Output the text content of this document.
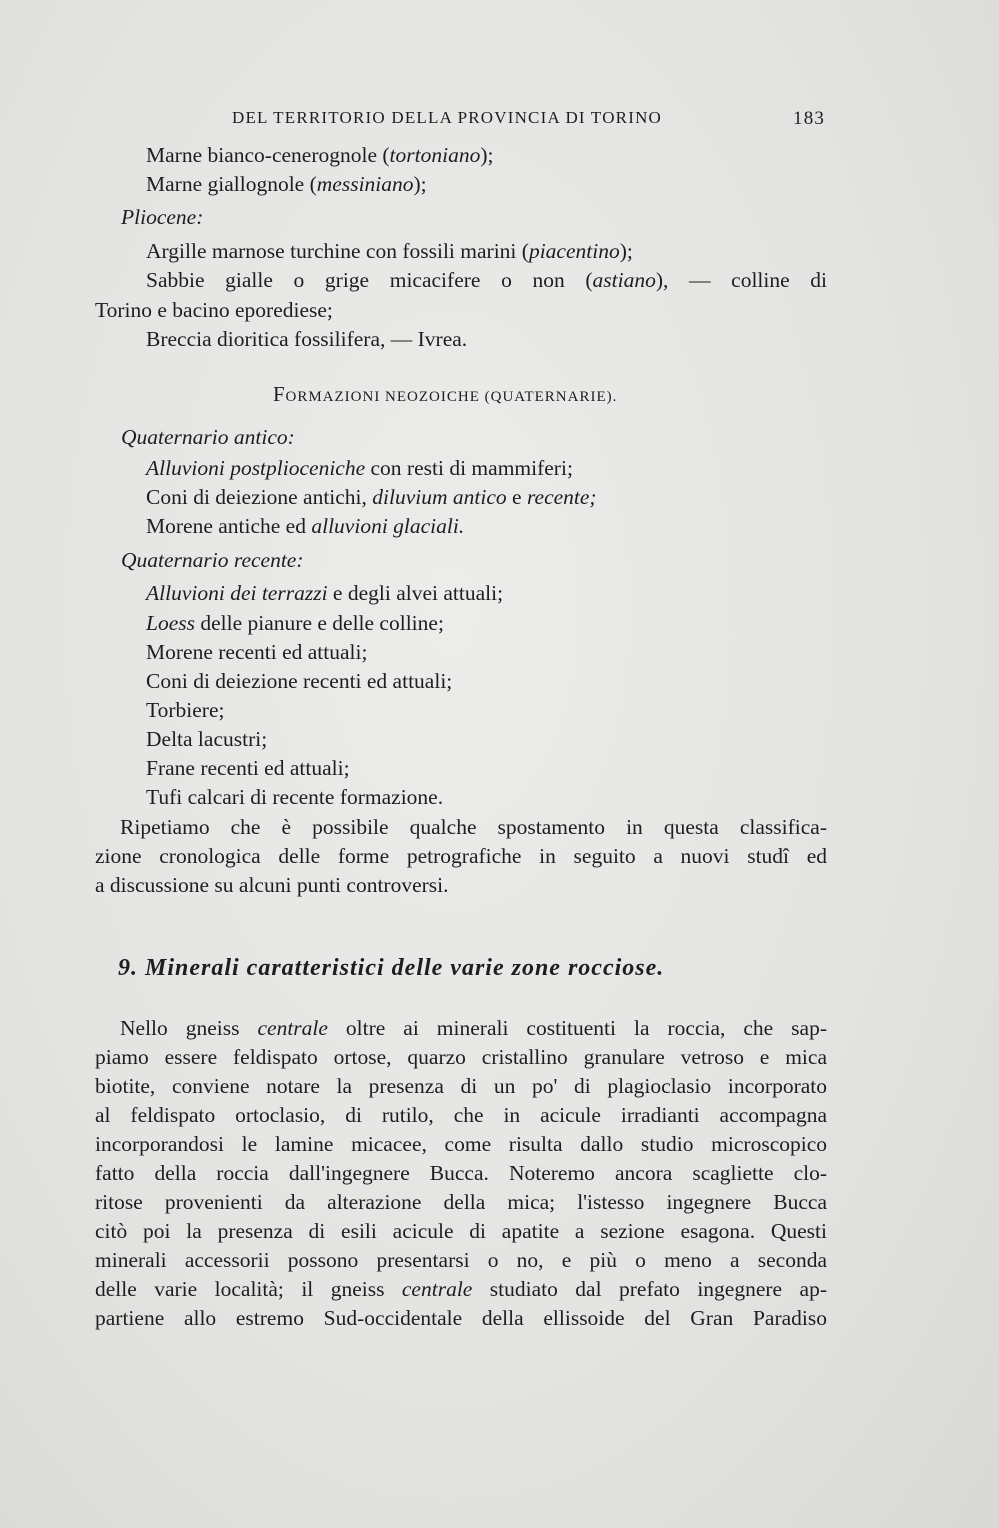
DEL TERRITORIO DELLA PROVINCIA DI TORINO	183
Marne bianco-cenerognole (tortoniano);
Marne giallognole (messiniano);
Pliocene:
Argille marnose turchine con fossili marini (piacentino);
Sabbie gialle o grige micacifere o non (astiano), — colline di
Torino e bacino eporediese;
Breccia dioritica fossilifera, — Ivrea.
FORMAZIONI NEOZOICHE (QUATERNARIE).
Quaternario antico:
Alluvioni postplioceniche con resti di mammiferi;
Coni di deiezione antichi, diluvium antico e recente;
Morene antiche ed alluvioni glaciali.
Quaternario recente:
Alluvioni dei terrazzi e degli alvei attuali;
Loess delle pianure e delle colline;
Morene recenti ed attuali;
Coni di deiezione recenti ed attuali;
Torbiere;
Delta lacustri;
Frane recenti ed attuali;
Tufi calcari di recente formazione.
Ripetiamo che è possibile qualche spostamento in questa classifica-
zione cronologica delle forme petrografiche in seguito a nuovi studî ed
a discussione su alcuni punti controversi.
9. Minerali caratteristici delle varie zone rocciose.
Nello gneiss centrale oltre ai minerali costituenti la roccia, che sap-
piamo essere feldispato ortose, quarzo cristallino granulare vetroso e mica
biotite, conviene notare la presenza di un po' di plagioclasio incorporato
al feldispato ortoclasio, di rutilo, che in acicule irradianti accompagna
incorporandosi le lamine micacee, come risulta dallo studio microscopico
fatto della roccia dall'ingegnere Bucca. Noteremo ancora scagliette clo-
ritose provenienti da alterazione della mica; l'istesso ingegnere Bucca
citò poi la presenza di esili acicule di apatite a sezione esagona. Questi
minerali accessorii possono presentarsi o no, e più o meno a seconda
delle varie località; il gneiss centrale studiato dal prefato ingegnere ap-
partiene allo estremo Sud-occidentale della ellissoide del Gran Paradiso
